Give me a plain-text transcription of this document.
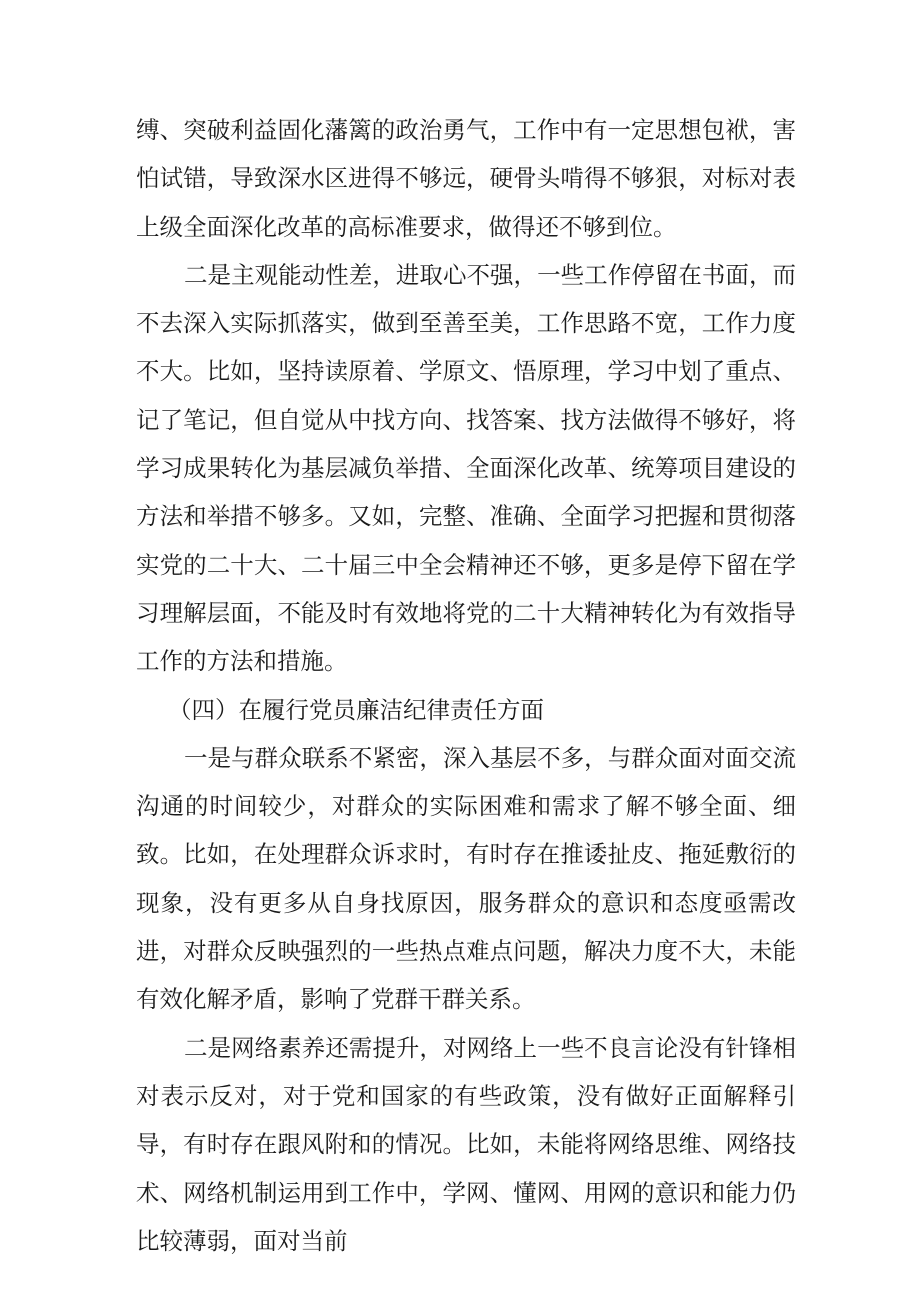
缚、突破利益固化藩篱的政治勇气，工作中有一定思想包袱，害怕试错，导致深水区进得不够远，硬骨头啃得不够狠，对标对表上级全面深化改革的高标准要求，做得还不够到位。

二是主观能动性差，进取心不强，一些工作停留在书面，而不去深入实际抓落实，做到至善至美，工作思路不宽，工作力度不大。比如，坚持读原着、学原文、悟原理，学习中划了重点、记了笔记，但自觉从中找方向、找答案、找方法做得不够好，将学习成果转化为基层减负举措、全面深化改革、统筹项目建设的方法和举措不够多。又如，完整、准确、全面学习把握和贯彻落实党的二十大、二十届三中全会精神还不够，更多是停下留在学习理解层面，不能及时有效地将党的二十大精神转化为有效指导工作的方法和措施。

（四）在履行党员廉洁纪律责任方面

一是与群众联系不紧密，深入基层不多，与群众面对面交流沟通的时间较少，对群众的实际困难和需求了解不够全面、细致。比如，在处理群众诉求时，有时存在推诿扯皮、拖延敷衍的现象，没有更多从自身找原因，服务群众的意识和态度亟需改进，对群众反映强烈的一些热点难点问题，解决力度不大，未能有效化解矛盾，影响了党群干群关系。

二是网络素养还需提升，对网络上一些不良言论没有针锋相对表示反对，对于党和国家的有些政策，没有做好正面解释引导，有时存在跟风附和的情况。比如，未能将网络思维、网络技术、网络机制运用到工作中，学网、懂网、用网的意识和能力仍比较薄弱，面对当前
